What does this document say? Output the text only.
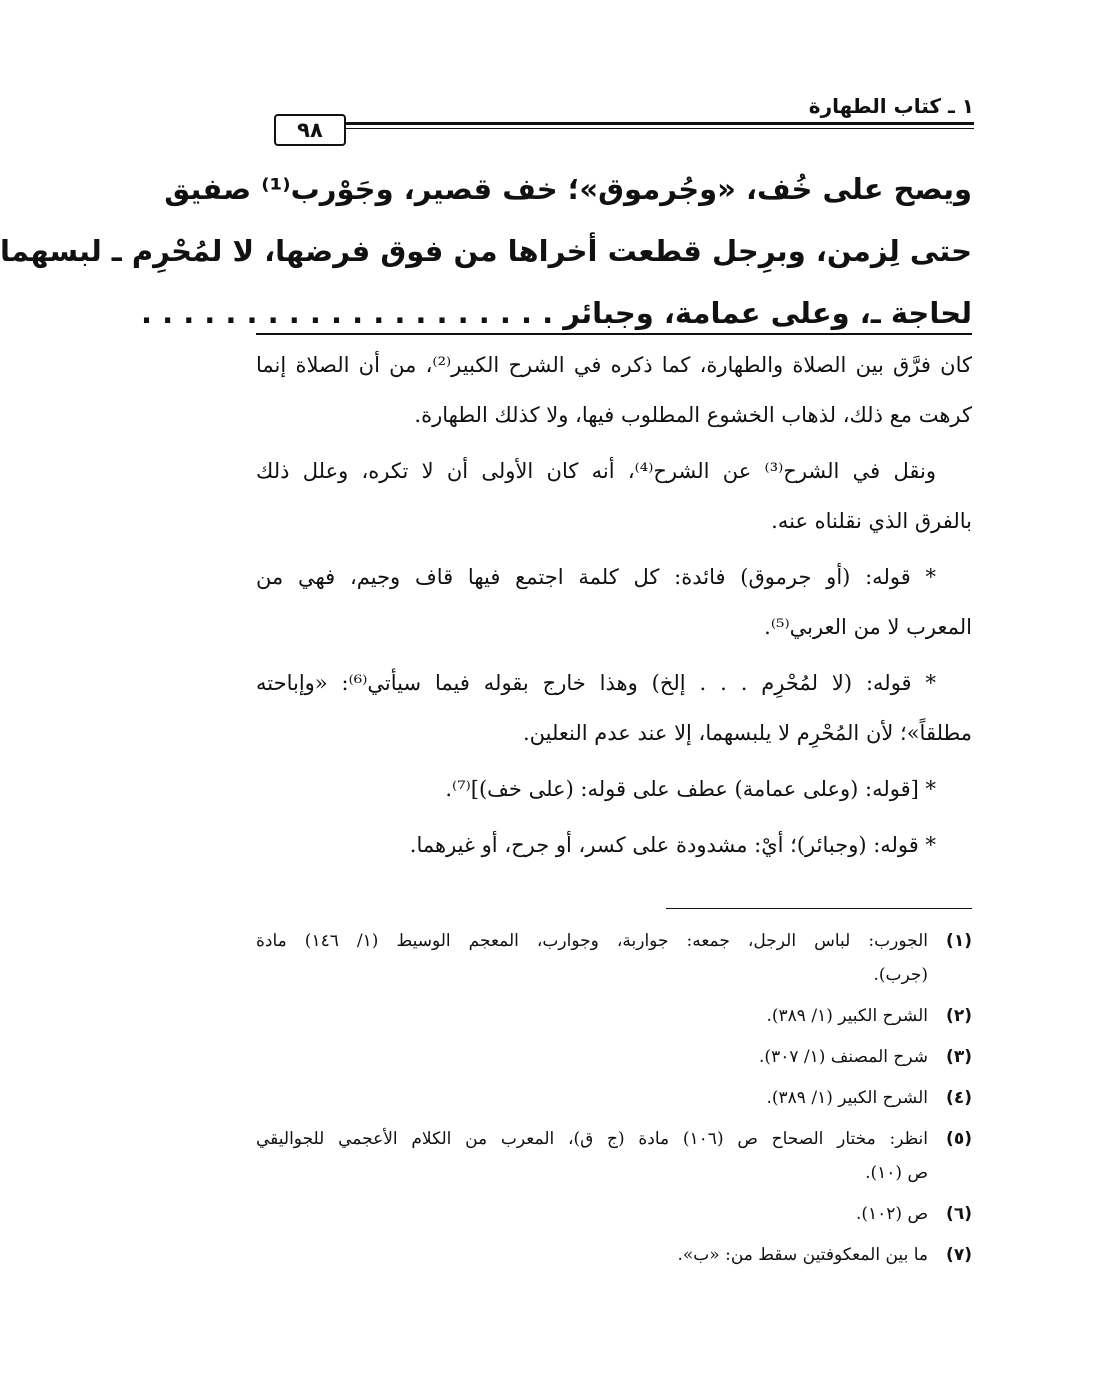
١ ـ كتاب الطهارة
٩٨
ويصح على خُف، «وجُرموق»؛ خف قصير، وجَوْرب⁽¹⁾ صفيق
حتى لِزمن، وبرِجل قطعت أخراها من فوق فرضها، لا لمُحْرِم ـ لبسهما
لحاجة ـ، وعلى عمامة، وجبائر . . . . . . . . . . . . . . . . . . . .

كان فرَّق بين الصلاة والطهارة، كما ذكره في الشرح الكبير⁽²⁾، من أن الصلاة إنما
كرهت مع ذلك، لذهاب الخشوع المطلوب فيها، ولا كذلك الطهارة.

ونقل في الشرح⁽³⁾ عن الشرح⁽⁴⁾، أنه كان الأولى أن لا تكره، وعلل ذلك
بالفرق الذي نقلناه عنه.

* قوله: (أو جرموق) فائدة: كل كلمة اجتمع فيها قاف وجيم، فهي من
المعرب لا من العربي⁽⁵⁾.

* قوله: (لا لمُحْرِم . . . إلخ) وهذا خارج بقوله فيما سيأتي⁽⁶⁾: «وإباحته
مطلقاً»؛ لأن المُحْرِم لا يلبسهما، إلا عند عدم النعلين.

* [قوله: (وعلى عمامة) عطف على قوله: (على خف)]⁽⁷⁾.

* قوله: (وجبائر)؛ أيْ: مشدودة على كسر، أو جرح، أو غيرهما.

(١)
الجورب: لباس الرجل، جمعه: جواربة، وجوارب، المعجم الوسيط (١/ ١٤٦) مادة
(جرب).
(٢)
الشرح الكبير (١/ ٣٨٩).
(٣)
شرح المصنف (١/ ٣٠٧).
(٤)
الشرح الكبير (١/ ٣٨٩).
(٥)
انظر: مختار الصحاح ص (١٠٦) مادة (ج ق)، المعرب من الكلام الأعجمي للجواليقي
ص (١٠).
(٦)
ص (١٠٢).
(٧)
ما بين المعكوفتين سقط من: «ب».
